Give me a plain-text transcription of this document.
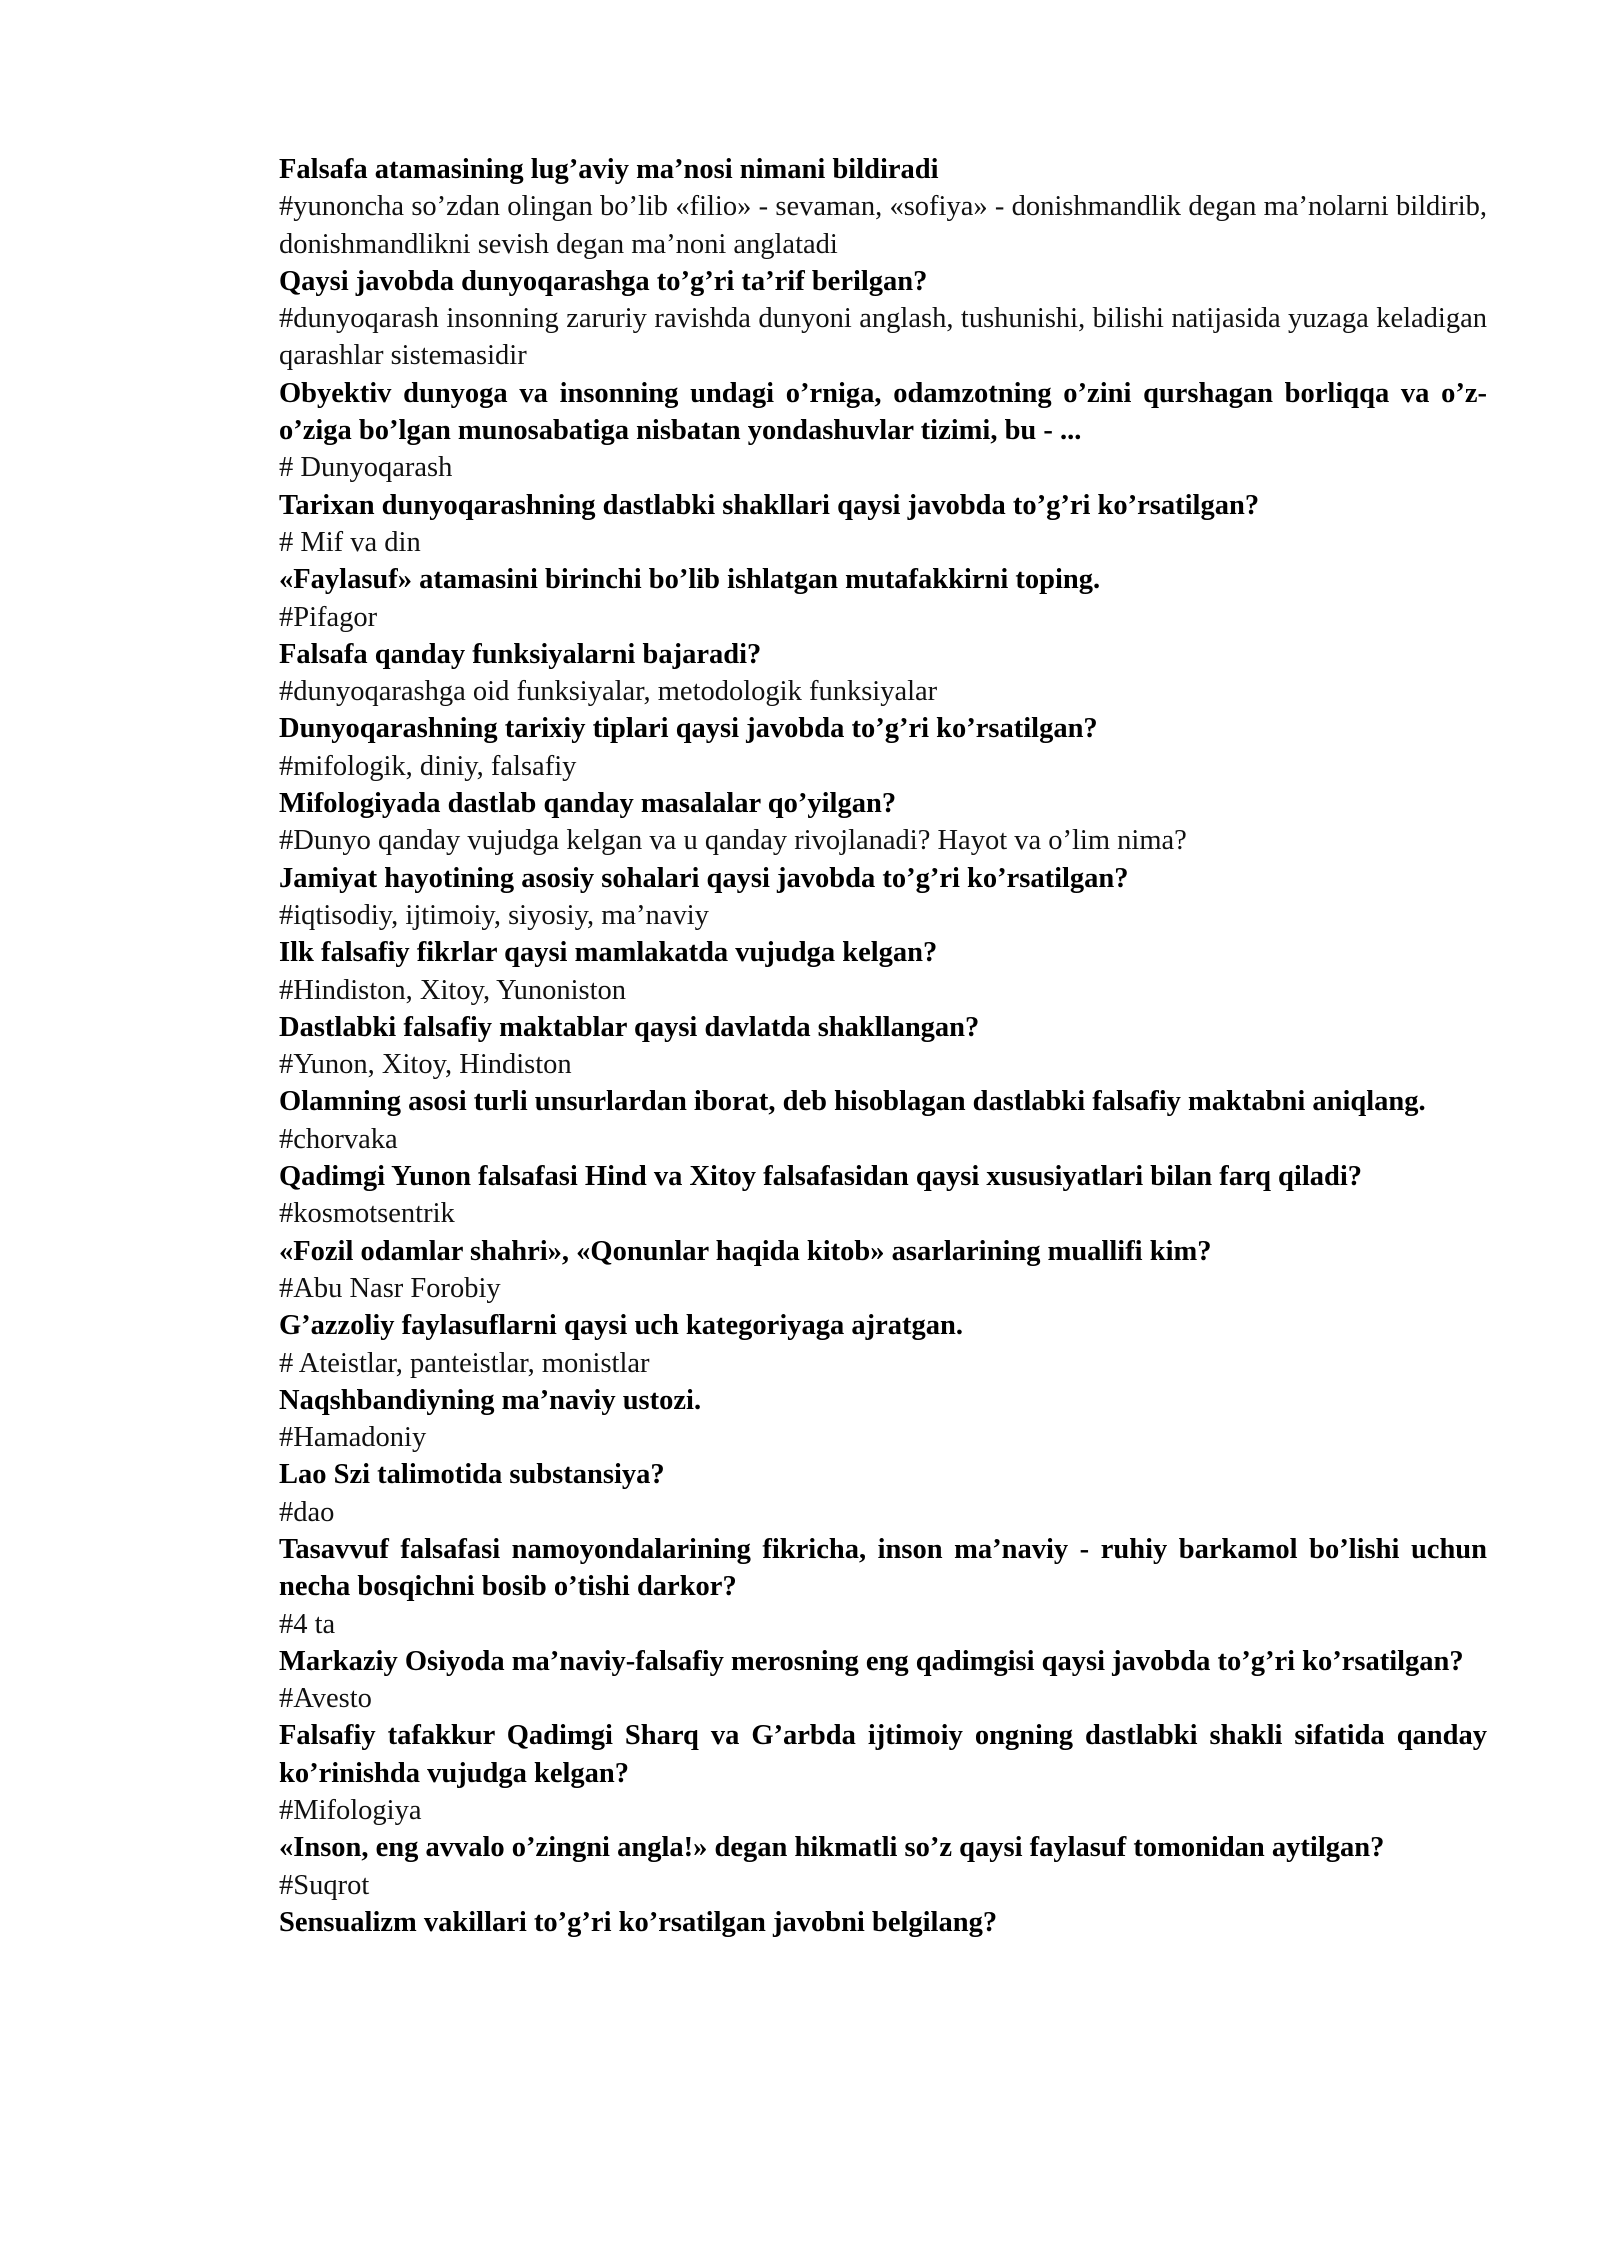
Falsafa atamasining lug’aviy ma’nosi nimani bildiradi

#yunoncha so’zdan olingan bo’lib «filio» - sevaman, «sofiya» - donishmandlik degan ma’nolarni bildirib, donishmandlikni sevish degan ma’noni anglatadi

Qaysi javobda dunyoqarashga to’g’ri ta’rif berilgan?

#dunyoqarash insonning zaruriy ravishda dunyoni anglash, tushunishi, bilishi natijasida yuzaga keladigan qarashlar sistemasidir

Obyektiv dunyoga va insonning undagi o’rniga, odamzotning o’zini qurshagan borliqqa va o’z-o’ziga bo’lgan munosabatiga nisbatan yondashuvlar tizimi, bu - ...

# Dunyoqarash

Tarixan dunyoqarashning dastlabki shakllari qaysi javobda to’g’ri ko’rsatilgan?

# Mif va din

«Faylasuf» atamasini birinchi bo’lib ishlatgan mutafakkirni toping.

#Pifagor

Falsafa qanday funksiyalarni bajaradi?

#dunyoqarashga oid funksiyalar, metodologik funksiyalar

Dunyoqarashning tarixiy tiplari qaysi javobda to’g’ri ko’rsatilgan?

#mifologik, diniy, falsafiy

Mifologiyada dastlab qanday masalalar qo’yilgan?

#Dunyo qanday vujudga kelgan va u qanday rivojlanadi? Hayot va o’lim nima?

Jamiyat hayotining asosiy sohalari qaysi javobda to’g’ri ko’rsatilgan?

#iqtisodiy, ijtimoiy, siyosiy, ma’naviy

Ilk falsafiy fikrlar qaysi mamlakatda vujudga kelgan?

#Hindiston, Xitoy, Yunoniston

Dastlabki falsafiy maktablar qaysi davlatda shakllangan?

#Yunon, Xitoy, Hindiston

Olamning asosi turli unsurlardan iborat, deb hisoblagan dastlabki falsafiy maktabni aniqlang.

#chorvaka

Qadimgi Yunon falsafasi Hind va Xitoy falsafasidan qaysi xususiyatlari bilan farq qiladi?

#kosmotsentrik

«Fozil odamlar shahri», «Qonunlar haqida kitob» asarlarining muallifi kim?

#Abu Nasr Forobiy

G’azzoliy faylasuflarni qaysi uch kategoriyaga ajratgan.

# Ateistlar, panteistlar, monistlar

Naqshbandiyning ma’naviy ustozi.

#Hamadoniy

Lao Szi talimotida substansiya?

#dao

Tasavvuf falsafasi namoyondalarining fikricha, inson ma’naviy - ruhiy barkamol bo’lishi uchun necha bosqichni bosib o’tishi darkor?

#4 ta

Markaziy Osiyoda ma’naviy-falsafiy merosning eng qadimgisi qaysi javobda to’g’ri ko’rsatilgan?

#Avesto

Falsafiy tafakkur Qadimgi Sharq va G’arbda ijtimoiy ongning dastlabki shakli sifatida qanday ko’rinishda vujudga kelgan?

#Mifologiya

«Inson, eng avvalo o’zingni angla!» degan hikmatli so’z qaysi faylasuf tomonidan aytilgan?

#Suqrot

Sensualizm vakillari to’g’ri ko’rsatilgan javobni belgilang?
